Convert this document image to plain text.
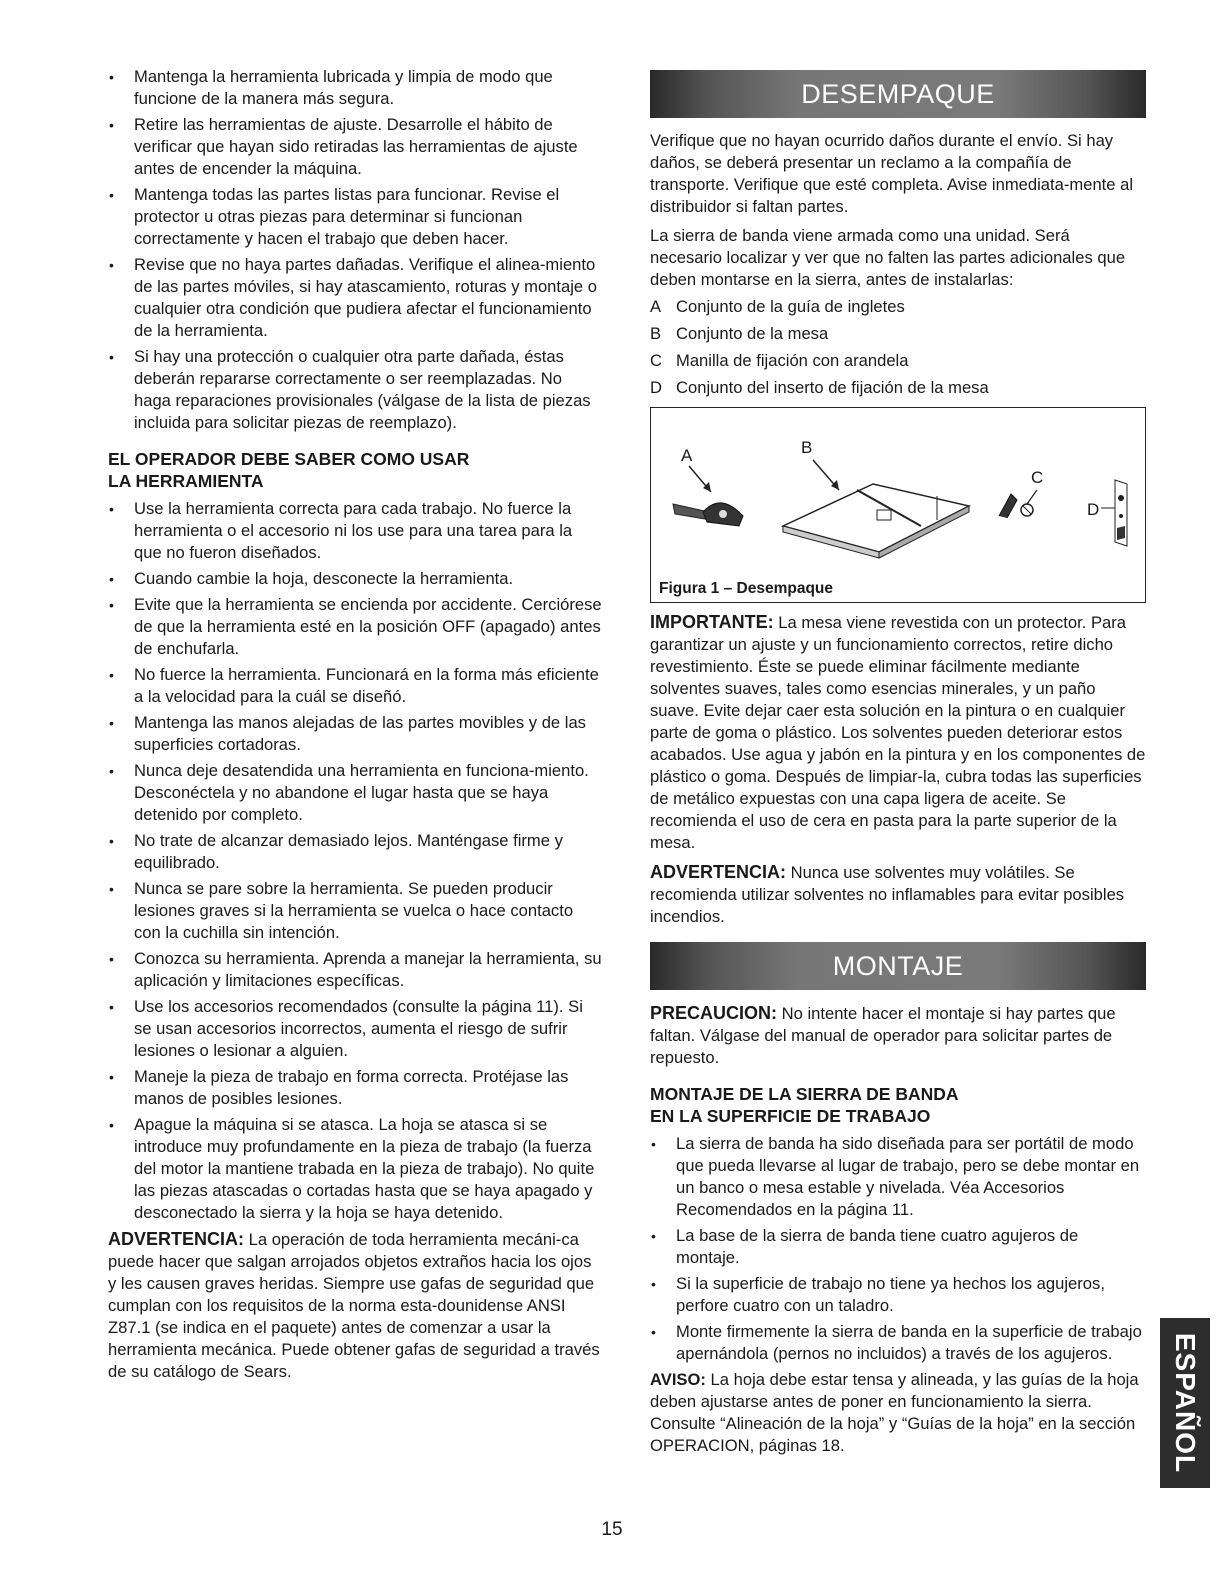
• Mantenga la herramienta lubricada y limpia de modo que funcione de la manera más segura.
• Retire las herramientas de ajuste. Desarrolle el hábito de verificar que hayan sido retiradas las herramientas de ajuste antes de encender la máquina.
• Mantenga todas las partes listas para funcionar. Revise el protector u otras piezas para determinar si funcionan correctamente y hacen el trabajo que deben hacer.
• Revise que no haya partes dañadas. Verifique el alinea-miento de las partes móviles, si hay atascamiento, roturas y montaje o cualquier otra condición que pudiera afectar el funcionamiento de la herramienta.
• Si hay una protección o cualquier otra parte dañada, éstas deberán repararse correctamente o ser reemplazadas. No haga reparaciones provisionales (válgase de la lista de piezas incluida para solicitar piezas de reemplazo).
EL OPERADOR DEBE SABER COMO USAR
LA HERRAMIENTA
• Use la herramienta correcta para cada trabajo. No fuerce la herramienta o el accesorio ni los use para una tarea para la que no fueron diseñados.
• Cuando cambie la hoja, desconecte la herramienta.
• Evite que la herramienta se encienda por accidente. Cerciórese de que la herramienta esté en la posición OFF (apagado) antes de enchufarla.
• No fuerce la herramienta. Funcionará en la forma más eficiente a la velocidad para la cuál se diseñó.
• Mantenga las manos alejadas de las partes movibles y de las superficies cortadoras.
• Nunca deje desatendida una herramienta en funciona-miento. Desconéctela y no abandone el lugar hasta que se haya detenido por completo.
• No trate de alcanzar demasiado lejos. Manténgase firme y equilibrado.
• Nunca se pare sobre la herramienta. Se pueden producir lesiones graves si la herramienta se vuelca o hace contacto con la cuchilla sin intención.
• Conozca su herramienta. Aprenda a manejar la herramienta, su aplicación y limitaciones específicas.
• Use los accesorios recomendados (consulte la página 11). Si se usan accesorios incorrectos, aumenta el riesgo de sufrir lesiones o lesionar a alguien.
• Maneje la pieza de trabajo en forma correcta. Protéjase las manos de posibles lesiones.
• Apague la máquina si se atasca. La hoja se atasca si se introduce muy profundamente en la pieza de trabajo (la fuerza del motor la mantiene trabada en la pieza de trabajo). No quite las piezas atascadas o cortadas hasta que se haya apagado y desconectado la sierra y la hoja se haya detenido.

ADVERTENCIA: La operación de toda herramienta mecáni-ca puede hacer que salgan arrojados objetos extraños hacia los ojos y les causen graves heridas. Siempre use gafas de seguridad que cumplan con los requisitos de la norma esta-dounidense ANSI Z87.1 (se indica en el paquete) antes de comenzar a usar la herramienta mecánica. Puede obtener gafas de seguridad a través de su catálogo de Sears.

DESEMPAQUE

Verifique que no hayan ocurrido daños durante el envío. Si hay daños, se deberá presentar un reclamo a la compañía de transporte. Verifique que esté completa. Avise inmediata-mente al distribuidor si faltan partes.

La sierra de banda viene armada como una unidad. Será necesario localizar y ver que no falten las partes adicionales que deben montarse en la sierra, antes de instalarlas:

A Conjunto de la guía de ingletes
B Conjunto de la mesa
C Manilla de fijación con arandela
D Conjunto del inserto de fijación de la mesa
A	B
C
D
Figura 1 – Desempaque

IMPORTANTE: La mesa viene revestida con un protector. Para garantizar un ajuste y un funcionamiento correctos, retire dicho revestimiento. Éste se puede eliminar fácilmente mediante solventes suaves, tales como esencias minerales, y un paño suave. Evite dejar caer esta solución en la pintura o en cualquier parte de goma o plástico. Los solventes pueden deteriorar estos acabados. Use agua y jabón en la pintura y en los componentes de plástico o goma. Después de limpiar-la, cubra todas las superficies de metálico expuestas con una capa ligera de aceite. Se recomienda el uso de cera en pasta para la parte superior de la mesa.

ADVERTENCIA: Nunca use solventes muy volátiles. Se recomienda utilizar solventes no inflamables para evitar posibles incendios.

MONTAJE

PRECAUCION: No intente hacer el montaje si hay partes que faltan. Válgase del manual de operador para solicitar partes de repuesto.

MONTAJE DE LA SIERRA DE BANDA
EN LA SUPERFICIE DE TRABAJO
• La sierra de banda ha sido diseñada para ser portátil de modo que pueda llevarse al lugar de trabajo, pero se debe montar en un banco o mesa estable y nivelada. Véa Accesorios Recomendados en la página 11.
• La base de la sierra de banda tiene cuatro agujeros de montaje.
• Si la superficie de trabajo no tiene ya hechos los agujeros, perfore cuatro con un taladro.
• Monte firmemente la sierra de banda en la superficie de trabajo apernándola (pernos no incluidos) a través de los agujeros.

AVISO: La hoja debe estar tensa y alineada, y las guías de la hoja deben ajustarse antes de poner en funcionamiento la sierra. Consulte “Alineación de la hoja” y “Guías de la hoja” en la sección OPERACION, páginas 18.

15
ESPAÑOL
